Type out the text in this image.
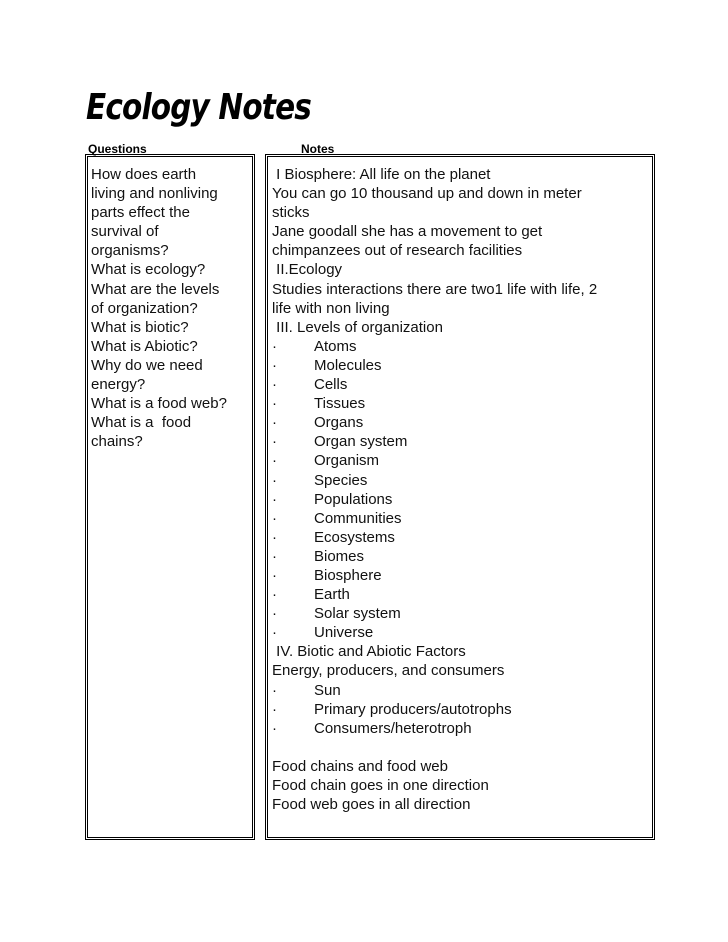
Ecology Notes
Questions	Notes
How does earth
living and nonliving
parts effect the
survival of
organisms?
What is ecology?
What are the levels
of organization?
What is biotic?
What is Abiotic?
Why do we need
energy?
What is a food web?
What is a  food
chains?
I Biosphere: All life on the planet
You can go 10 thousand up and down in meter
sticks
Jane goodall she has a movement to get
chimpanzees out of research facilities
II.Ecology
Studies interactions there are two1 life with life, 2
life with non living
III. Levels of organization
· Atoms
· Molecules
· Cells
· Tissues
· Organs
· Organ system
· Organism
· Species
· Populations
· Communities
· Ecosystems
· Biomes
· Biosphere
· Earth
· Solar system
· Universe
IV. Biotic and Abiotic Factors
Energy, producers, and consumers
· Sun
· Primary producers/autotrophs
· Consumers/heterotroph
Food chains and food web
Food chain goes in one direction
Food web goes in all direction
